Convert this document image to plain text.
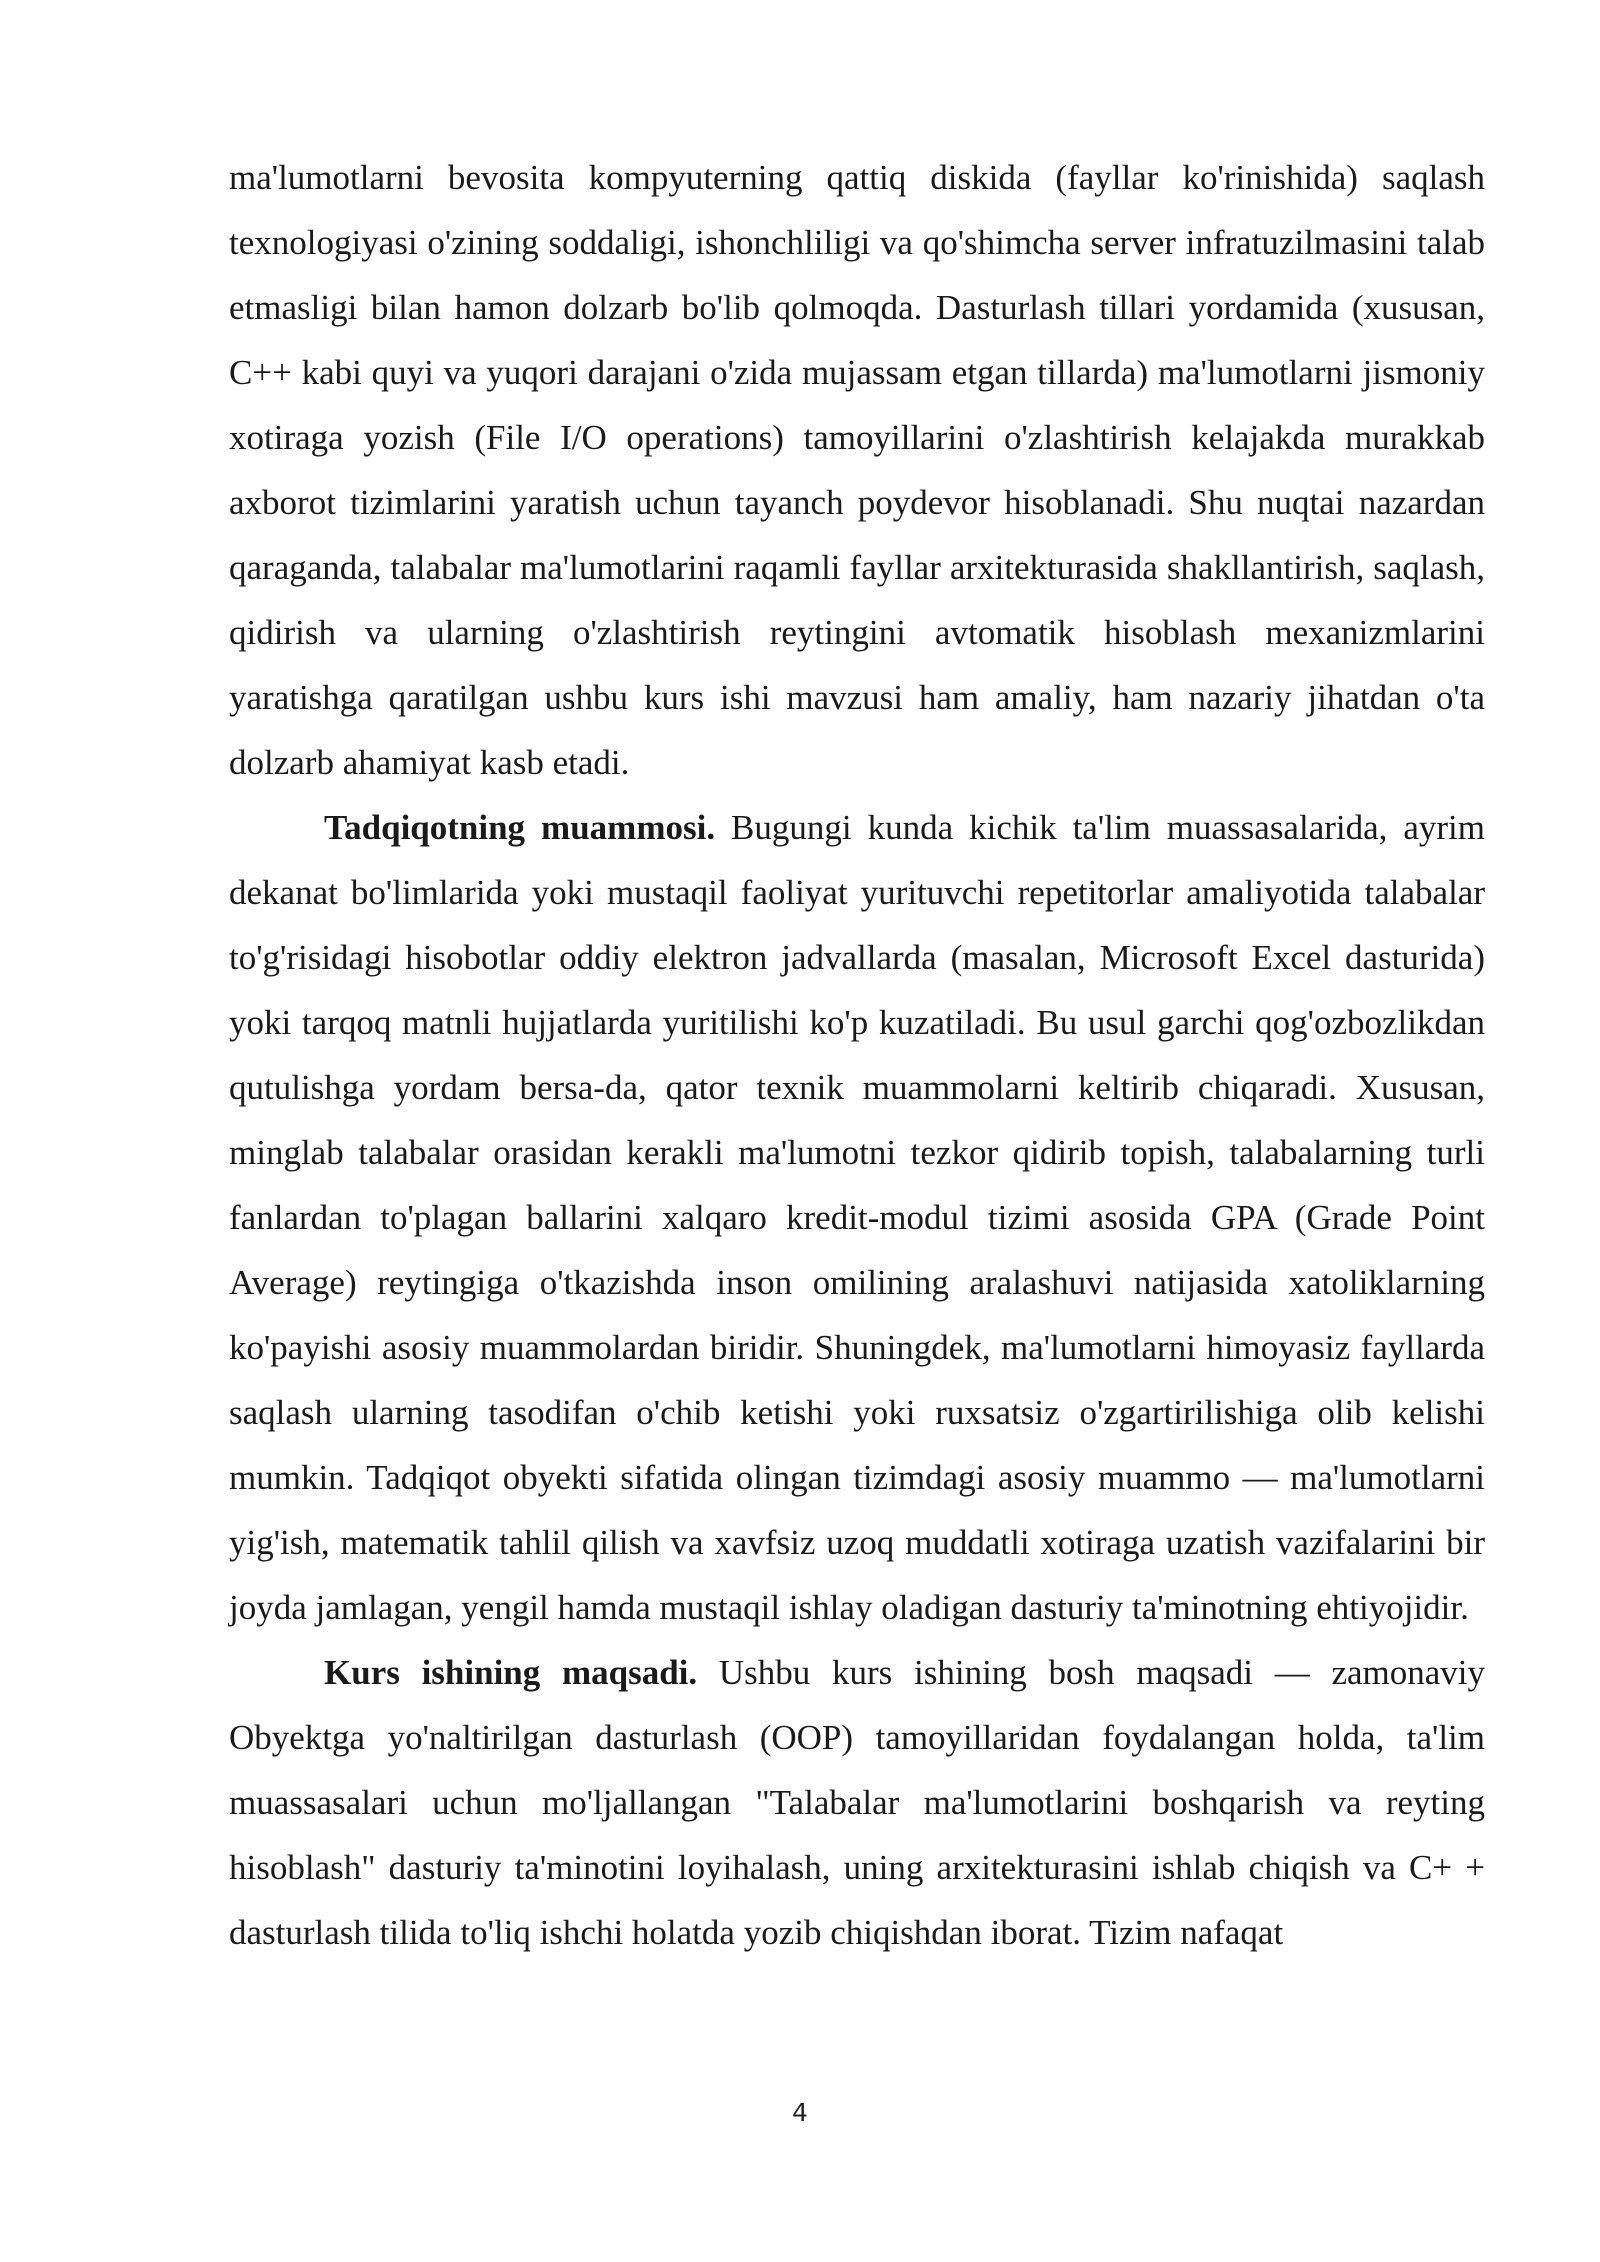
ma'lumotlarni bevosita kompyuterning qattiq diskida (fayllar ko'rinishida) saqlash texnologiyasi o'zining soddaligi, ishonchliligi va qo'shimcha server infratuzilmasini talab etmasligi bilan hamon dolzarb bo'lib qolmoqda. Dasturlash tillari yordamida (xususan, C++ kabi quyi va yuqori darajani o'zida mujassam etgan tillarda) ma'lumotlarni jismoniy xotiraga yozish (File I/O operations) tamoyillarini o'zlashtirish kelajakda murakkab axborot tizimlarini yaratish uchun tayanch poydevor hisoblanadi. Shu nuqtai nazardan qaraganda, talabalar ma'lumotlarini raqamli fayllar arxitekturasida shakllantirish, saqlash, qidirish va ularning o'zlashtirish reytingini avtomatik hisoblash mexanizmlarini yaratishga qaratilgan ushbu kurs ishi mavzusi ham amaliy, ham nazariy jihatdan o'ta dolzarb ahamiyat kasb etadi.

Tadqiqotning muammosi. Bugungi kunda kichik ta'lim muassasalarida, ayrim dekanat bo'limlarida yoki mustaqil faoliyat yurituvchi repetitorlar amaliyotida talabalar to'g'risidagi hisobotlar oddiy elektron jadvallarda (masalan, Microsoft Excel dasturida) yoki tarqoq matnli hujjatlarda yuritilishi ko'p kuzatiladi. Bu usul garchi qog'ozbozlikdan qutulishga yordam bersa-da, qator texnik muammolarni keltirib chiqaradi. Xususan, minglab talabalar orasidan kerakli ma'lumotni tezkor qidirib topish, talabalarning turli fanlardan to'plagan ballarini xalqaro kredit-modul tizimi asosida GPA (Grade Point Average) reytingiga o'tkazishda inson omilining aralashuvi natijasida xatoliklarning ko'payishi asosiy muammolardan biridir. Shuningdek, ma'lumotlarni himoyasiz fayllarda saqlash ularning tasodifan o'chib ketishi yoki ruxsatsiz o'zgartirilishiga olib kelishi mumkin. Tadqiqot obyekti sifatida olingan tizimdagi asosiy muammo — ma'lumotlarni yig'ish, matematik tahlil qilish va xavfsiz uzoq muddatli xotiraga uzatish vazifalarini bir joyda jamlagan, yengil hamda mustaqil ishlay oladigan dasturiy ta'minotning ehtiyojidir.

Kurs ishining maqsadi. Ushbu kurs ishining bosh maqsadi — zamonaviy Obyektga yo'naltirilgan dasturlash (OOP) tamoyillaridan foydalangan holda, ta'lim muassasalari uchun mo'ljallangan "Talabalar ma'lumotlarini boshqarish va reyting hisoblash" dasturiy ta'minotini loyihalash, uning arxitekturasini ishlab chiqish va C+ + dasturlash tilida to'liq ishchi holatda yozib chiqishdan iborat. Tizim nafaqat

4
